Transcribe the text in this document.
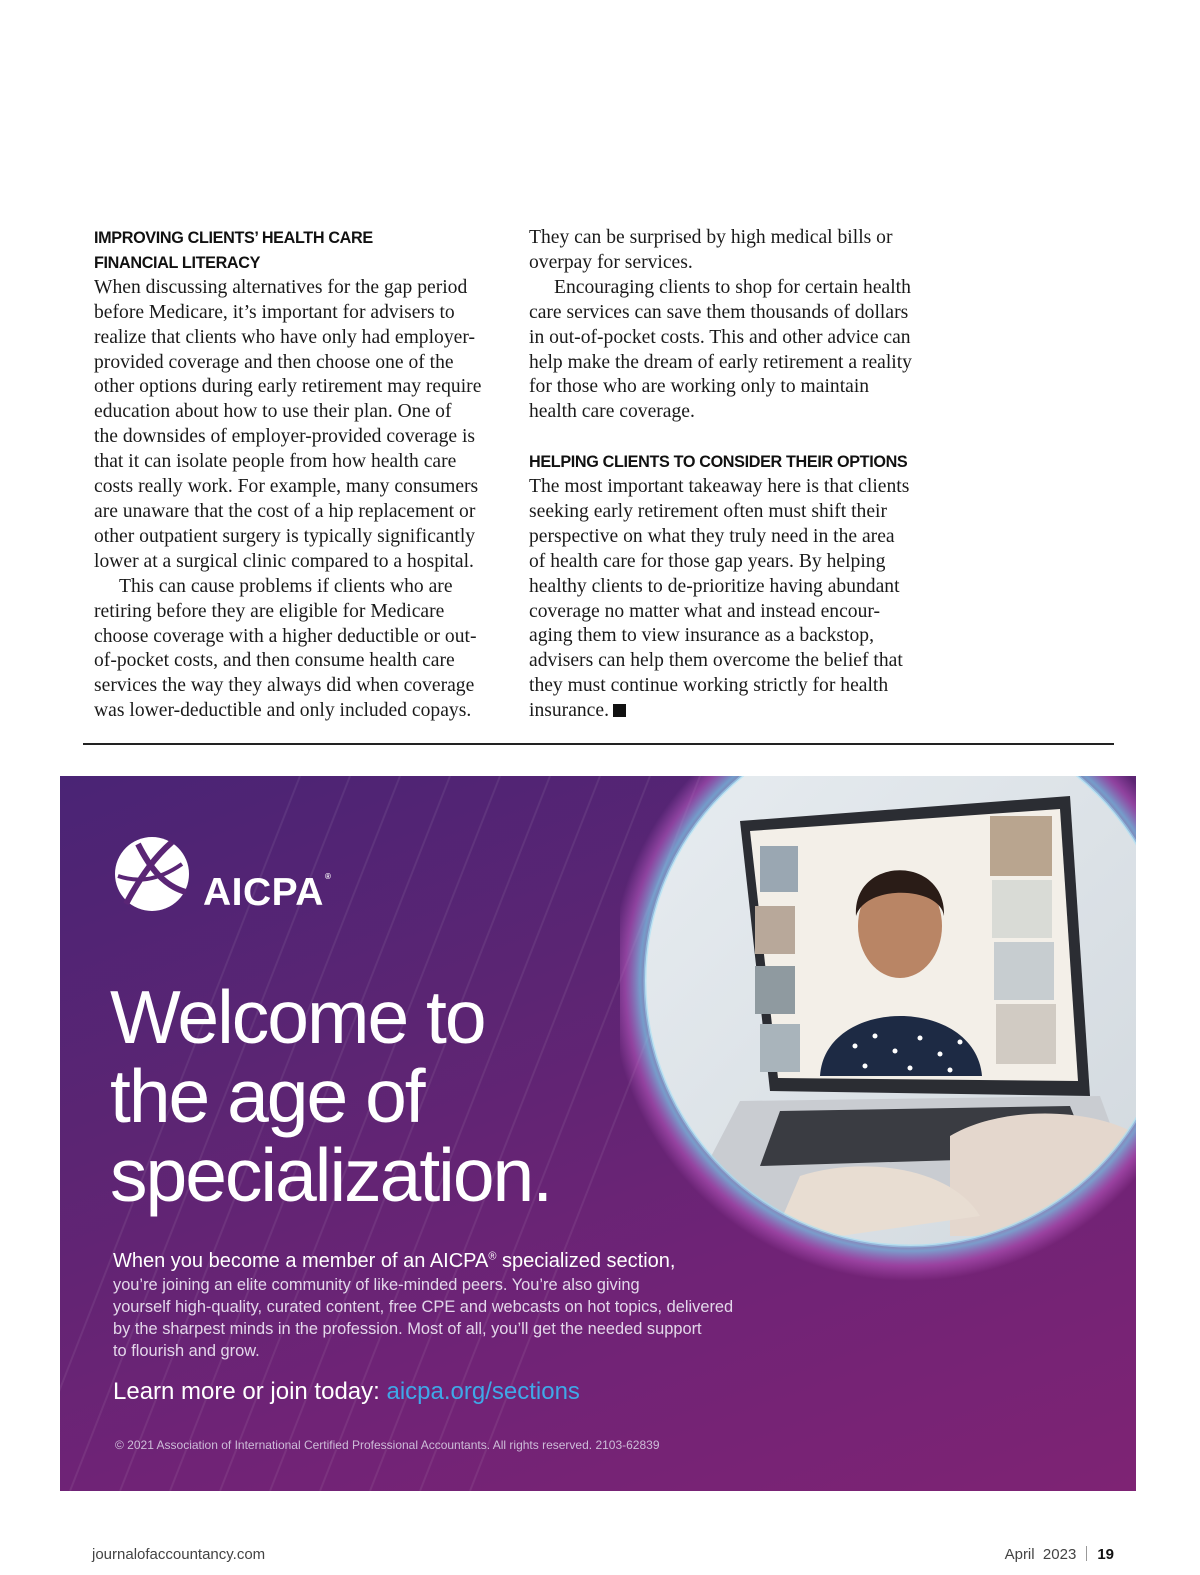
IMPROVING CLIENTS’ HEALTH CARE
FINANCIAL LITERACY

When discussing alternatives for the gap period
before Medicare, it’s important for advisers to
realize that clients who have only had employer-
provided coverage and then choose one of the
other options during early retirement may require
education about how to use their plan. One of
the downsides of employer-provided coverage is
that it can isolate people from how health care
costs really work. For example, many consumers
are unaware that the cost of a hip replacement or
other outpatient surgery is typically significantly
lower at a surgical clinic compared to a hospital.

This can cause problems if clients who are
retiring before they are eligible for Medicare
choose coverage with a higher deductible or out-
of-pocket costs, and then consume health care
services the way they always did when coverage
was lower-deductible and only included copays.

They can be surprised by high medical bills or
overpay for services.

Encouraging clients to shop for certain health
care services can save them thousands of dollars
in out-of-pocket costs. This and other advice can
help make the dream of early retirement a reality
for those who are working only to maintain
health care coverage.

HELPING CLIENTS TO CONSIDER THEIR OPTIONS

The most important takeaway here is that clients
seeking early retirement often must shift their
perspective on what they truly need in the area
of health care for those gap years. By helping
healthy clients to de-prioritize having abundant
coverage no matter what and instead encour-
aging them to view insurance as a backstop,
advisers can help them overcome the belief that
they must continue working strictly for health
insurance.

AICPA®
Welcome to
the age of
specialization.
When you become a member of an AICPA® specialized section,
you’re joining an elite community of like-minded peers. You’re also giving
yourself high-quality, curated content, free CPE and webcasts on hot topics, delivered
by the sharpest minds in the profession. Most of all, you’ll get the needed support
to flourish and grow.
Learn more or join today: aicpa.org/sections
© 2021 Association of International Certified Professional Accountants. All rights reserved. 2103-62839
journalofaccountancy.com	April  2023 19
